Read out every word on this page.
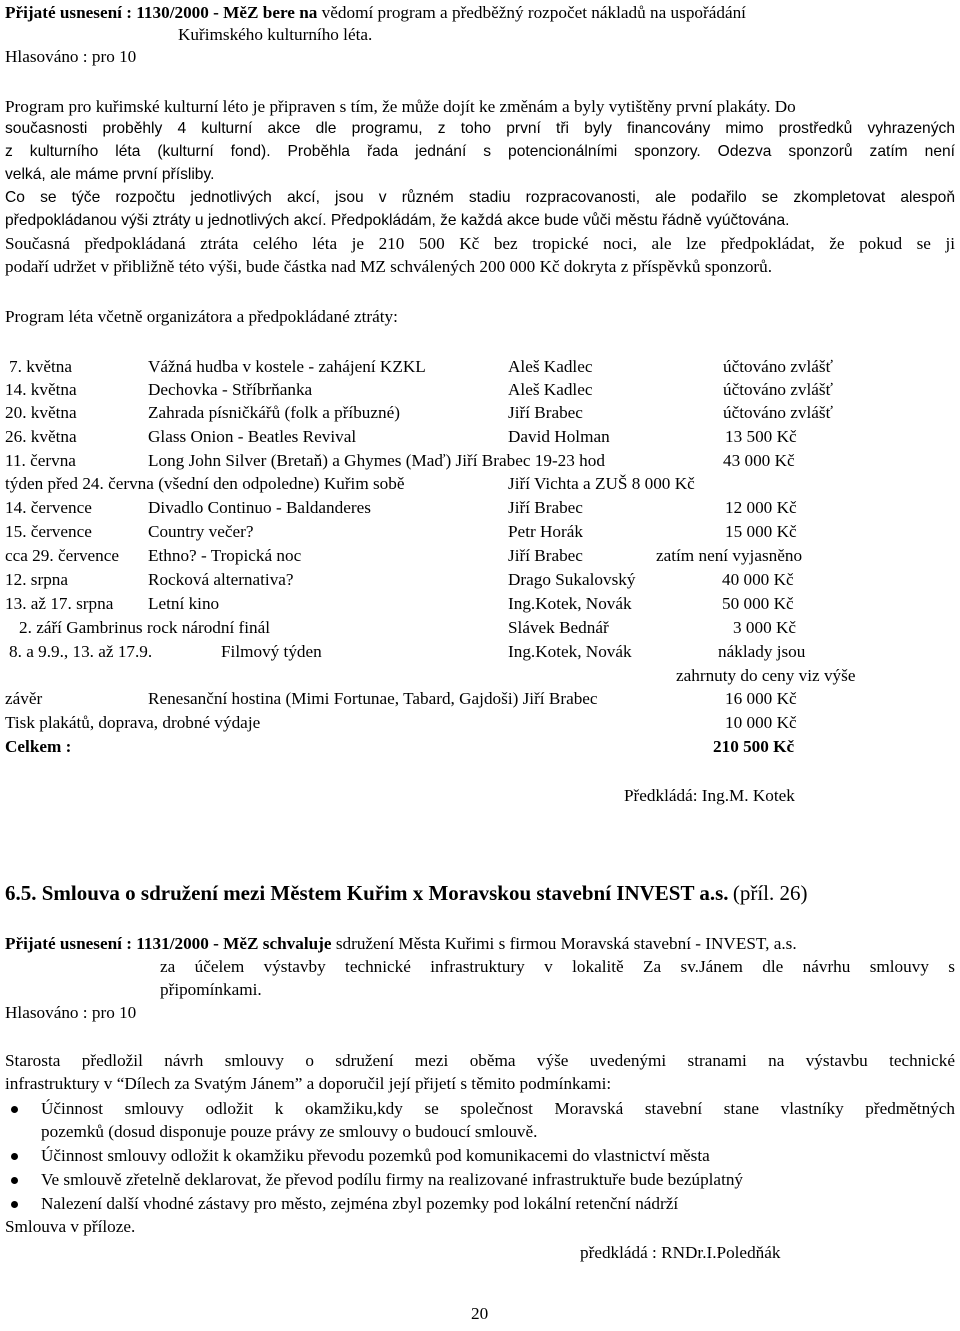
Přijaté usnesení : 1130/2000 - MěZ bere na vědomí program a předběžný rozpočet nákladů na uspořádání
Kuřimského kulturního léta.
Hlasováno : pro 10
Program pro kuřimské kulturní léto je připraven s tím, že může dojít ke změnám a byly vytištěny první plakáty. Do
současnosti proběhly 4 kulturní akce dle programu, z toho první tři byly financovány mimo prostředků vyhrazených
z kulturního léta (kulturní fond). Proběhla řada jednání s potencionálními sponzory. Odezva sponzorů zatím není
velká, ale máme první přísliby.
Co se týče rozpočtu jednotlivých akcí, jsou v různém stadiu rozpracovanosti, ale podařilo se zkompletovat alespoň
předpokládanou výši ztráty u jednotlivých akcí. Předpokládám, že každá akce bude vůči městu řádně vyúčtována.
Současná předpokládaná ztráta celého léta je 210 500 Kč bez tropické noci, ale lze předpokládat, že pokud se ji
podaří udržet v přibližně této výši, bude částka nad MZ schválených 200 000 Kč dokryta z příspěvků sponzorů.
Program léta včetně organizátora a předpokládané ztráty:
7. května	Vážná hudba v kostele - zahájení KZKL	Aleš Kadlec	účtováno zvlášť
14. května	Dechovka - Stříbrňanka	Aleš Kadlec	účtováno zvlášť
20. května	Zahrada písničkářů (folk a příbuzné)	Jiří Brabec	účtováno zvlášť
26. května	Glass Onion - Beatles Revival	David Holman	13 500 Kč
11. června	Long John Silver (Bretaň) a Ghymes (Maď) Jiří Brabec 19-23 hod	43 000 Kč
týden před 24. června (všední den odpoledne) Kuřim sobě	Jiří Vichta a ZUŠ 8 000 Kč
14. července	Divadlo Continuo - Baldanderes	Jiří Brabec	12 000 Kč
15. července	Country večer?	Petr Horák	15 000 Kč
cca 29. července Ethno? - Tropická noc	Jiří Brabec	zatím není vyjasněno
12. srpna	Rocková alternativa?	Drago Sukalovský	40 000 Kč
13. až 17. srpna Letní kino	Ing.Kotek, Novák	50 000 Kč
2. září Gambrinus rock národní finál	Slávek Bednář	3 000 Kč
8. a 9.9., 13. až 17.9.	Filmový týden	Ing.Kotek, Novák	náklady jsou
zahrnuty do ceny viz výše
závěr	Renesanční hostina (Mimi Fortunae, Tabard, Gajdoši) Jiří Brabec	16 000 Kč
Tisk plakátů, doprava, drobné výdaje	10 000 Kč
Celkem :	210 500 Kč
Předkládá: Ing.M. Kotek
6.5. Smlouva o sdružení mezi Městem Kuřim x Moravskou stavební INVEST a.s. (příl. 26)
Přijaté usnesení : 1131/2000 - MěZ schvaluje sdružení Města Kuřimi s firmou Moravská stavební - INVEST, a.s.
za účelem výstavby technické infrastruktury v lokalitě Za sv.Jánem dle návrhu smlouvy s
připomínkami.
Hlasováno : pro 10
Starosta předložil návrh smlouvy o sdružení mezi oběma výše uvedenými stranami na výstavbu technické
infrastruktury v “Dílech za Svatým Jánem” a doporučil její přijetí s těmito podmínkami:
Účinnost smlouvy odložit k okamžiku,kdy se společnost Moravská stavební stane vlastníky předmětných
pozemků (dosud disponuje pouze právy ze smlouvy o budoucí smlouvě.
Účinnost smlouvy odložit k okamžiku převodu pozemků pod komunikacemi do vlastnictví města
Ve smlouvě zřetelně deklarovat, že převod podílu firmy na realizované infrastruktuře bude bezúplatný
Nalezení další vhodné zástavy pro město, zejména zbyl pozemky pod lokální retenční nádrží
Smlouva v příloze.
předkládá : RNDr.I.Poledňák
20
